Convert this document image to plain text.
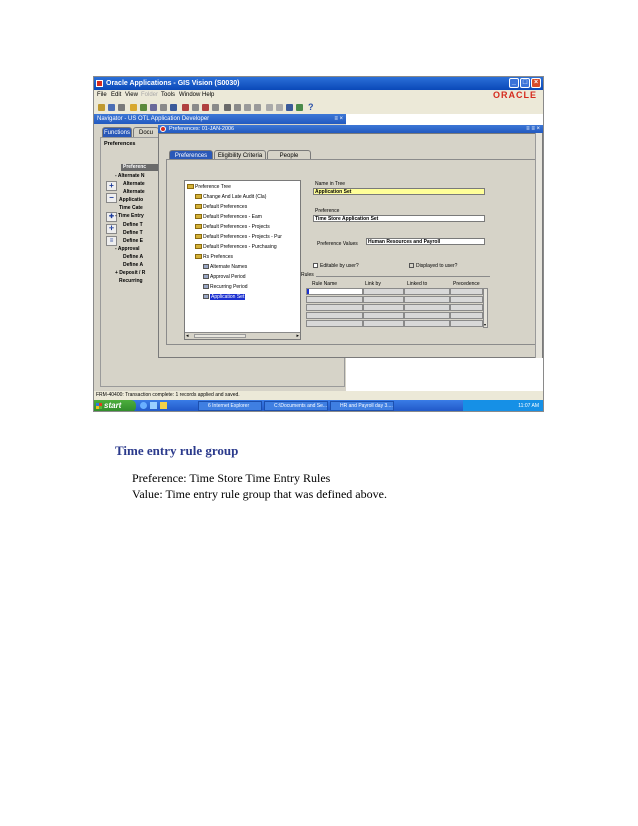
Oracle Applications - GIS Vision (S0030)	_ □ ×
File Edit View Folder Tools Window Help	ORACLE
?
Navigator - US OTL Application Developer	≡ ×
Functions	Docu
Preferences
Preferenc
+
−
✚
✛
≡
- Alternate N
Alternate
Alternate
Applicatio
Time Cate
- Time Entry
Define T
Define T
Define E
- Approval
Define A
Define A
+ Deposit / R
Recurring
Preferences: 01-JAN-2006	≡ ≡ ×
Preferences	Eligibility Criteria	People
Preference Tree
Change And Late Audit (Cla)
Default Preferences
Default Preferences - Eam
Default Preferences - Projects
Default Preferences - Projects - Pur
Default Preferences - Purchasing
Rs Prefences
Alternate Names
Approval Period
Recurring Period
Application Set
◂	▸
Name in Tree
Application Set
Preference
Time Store Application Set
Preference Values	Human Resources and Payroll
Editable by user?	Displayed to user?
Rules
Rule Name	Link by	Linked to	Precedence
▾
FRM-40400: Transaction complete: 1 records applied and saved.
start	6 Internet Explorer	C:\Documents and Se...	HR and Payroll day 3....	11:07 AM
Time entry rule group
Preference: Time Store Time Entry Rules
Value: Time entry rule group that was defined above.
